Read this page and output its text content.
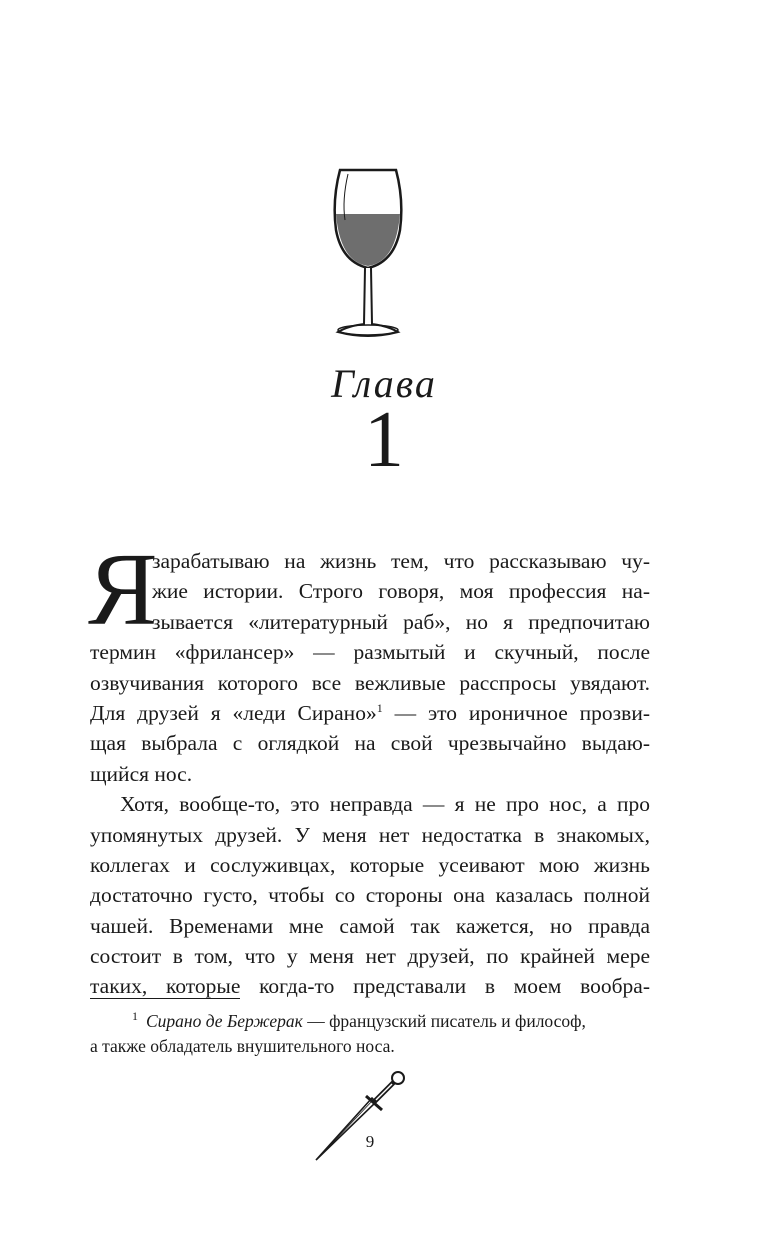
Глава
1
Я
зарабатываю на жизнь тем, что рассказываю чу-
жие истории. Строго говоря, моя профессия на-
зывается «литературный раб», но я предпочитаю
термин «фрилансер» — размытый и скучный, после
озвучивания которого все вежливые расспросы увядают.
Для друзей я «леди Сирано»$^1$ — это ироничное прозви-
щая выбрала с оглядкой на свой чрезвычайно выдаю-
щийся нос.
Хотя, вообще-то, это неправда — я не про нос, а про
упомянутых друзей. У меня нет недостатка в знакомых,
коллегах и сослуживцах, которые усеивают мою жизнь
достаточно густо, чтобы со стороны она казалась полной
чашей. Временами мне самой так кажется, но правда
состоит в том, что у меня нет друзей, по крайней мере
таких, которые когда-то представали в моем вообра-
$^1$ Сирано де Бержерак — французский писатель и философ,
а также обладатель внушительного носа.
9
